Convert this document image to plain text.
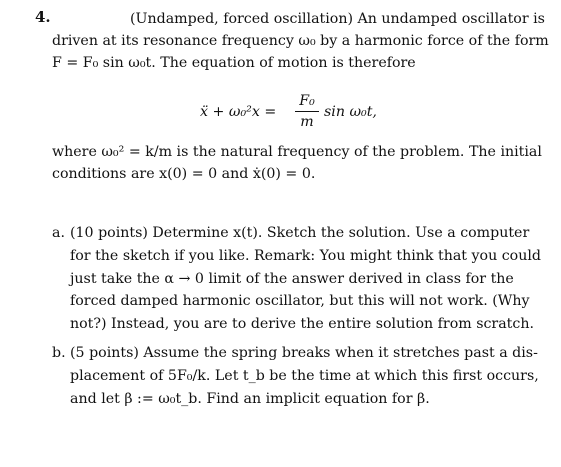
4.	(Undamped, forced oscillation) An undamped oscillator is
driven at its resonance frequency ω₀ by a harmonic force of the form
F = F₀ sin ω₀t. The equation of motion is therefore
ẍ + ω₀²x =
F₀
m
sin ω₀t,
where ω₀² = k/m is the natural frequency of the problem. The initial
conditions are x(0) = 0 and ẋ(0) = 0.
a. (10 points) Determine x(t). Sketch the solution. Use a computer
for the sketch if you like. Remark: You might think that you could
just take the α → 0 limit of the answer derived in class for the
forced damped harmonic oscillator, but this will not work. (Why
not?) Instead, you are to derive the entire solution from scratch.
b. (5 points) Assume the spring breaks when it stretches past a dis-
placement of 5F₀/k. Let t_b be the time at which this first occurs,
and let β := ω₀t_b. Find an implicit equation for β.
